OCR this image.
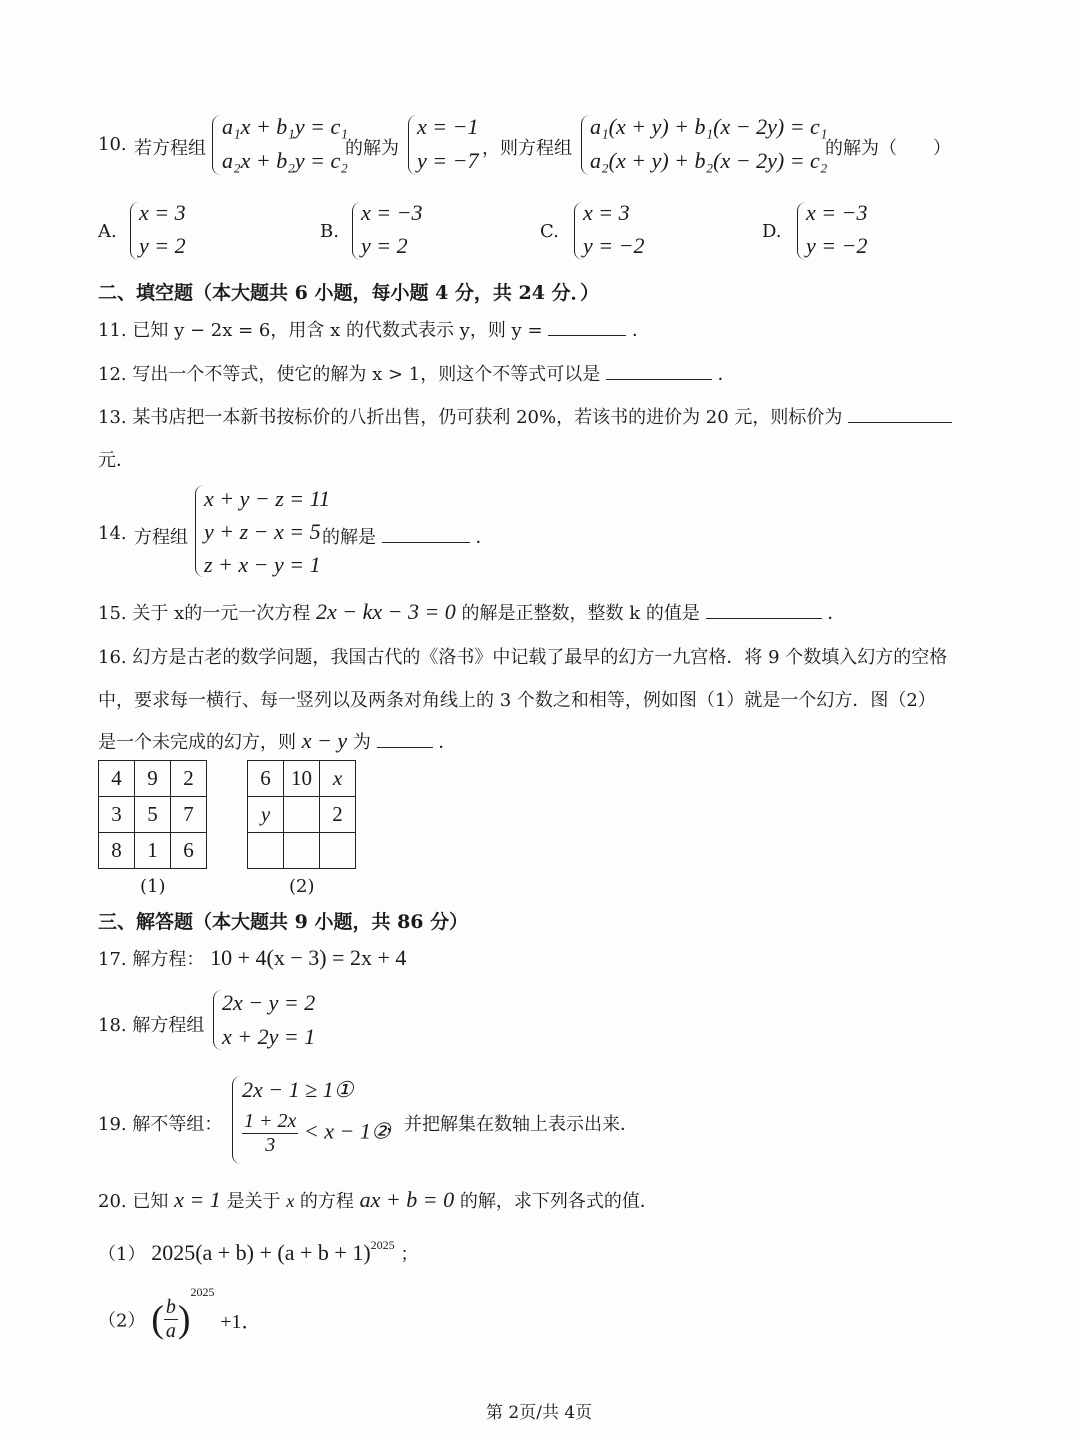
10. 若方程组
a₁x + b₁y = c₁
a₂x + b₂y = c₂
的解为
x = −1
y = −7 ，则方程组
a₁(x + y) + b₁(x − 2y) = c₁
a₂(x + y) + b₂(x − 2y) = c₂
的解为（　　）
A.
x = 3
y = 2
B.
x = −3
y = 2
C.
x = 3
y = −2
D.
x = −3
y = −2
二、填空题（本大题共 6 小题，每小题 4 分，共 24 分．）
11. 已知 y − 2x = 6，用含 x 的代数式表示 y，则 y =	．
12. 写出一个不等式，使它的解为 x > 1，则这个不等式可以是	．
13. 某书店把一本新书按标价的八折出售，仍可获利 20%，若该书的进价为 20 元，则标价为
元．
14. 方程组
x + y − z = 11
y + z − x = 5
z + x − y = 1
的解是	．
15. 关于 x的一元一次方程 2x − kx − 3 = 0 的解是正整数，整数 k 的值是	．
16. 幻方是古老的数学问题，我国古代的《洛书》中记载了最早的幻方一九宫格．将 9 个数填入幻方的空格
中，要求每一横行、每一竖列以及两条对角线上的 3 个数之和相等，例如图（1）就是一个幻方．图（2）
是一个未完成的幻方，则 x − y 为	．
4	9	2
3	5	7
8	1	6
(1)
6	10	x
y		2

(2)
三、解答题（本大题共 9 小题，共 86 分）
17. 解方程： 10 + 4(x − 3) = 2x + 4
18. 解方程组
2x − y = 2
x + 2y = 1
19. 解不等组：
2x − 1 ≥ 1①
$\frac{1 + 2x}{3} < x$ − 1②
，并把解集在数轴上表示出来．
20. 已知 x = 1 是关于 x 的方程 ax + b = 0 的解，求下列各式的值．
（1） $2025(a + b) + (a + b + 1)^{2025}$ ；
（2） ( $\frac{b}{a} )^{2025} +1$．
第 2页/共 4页
